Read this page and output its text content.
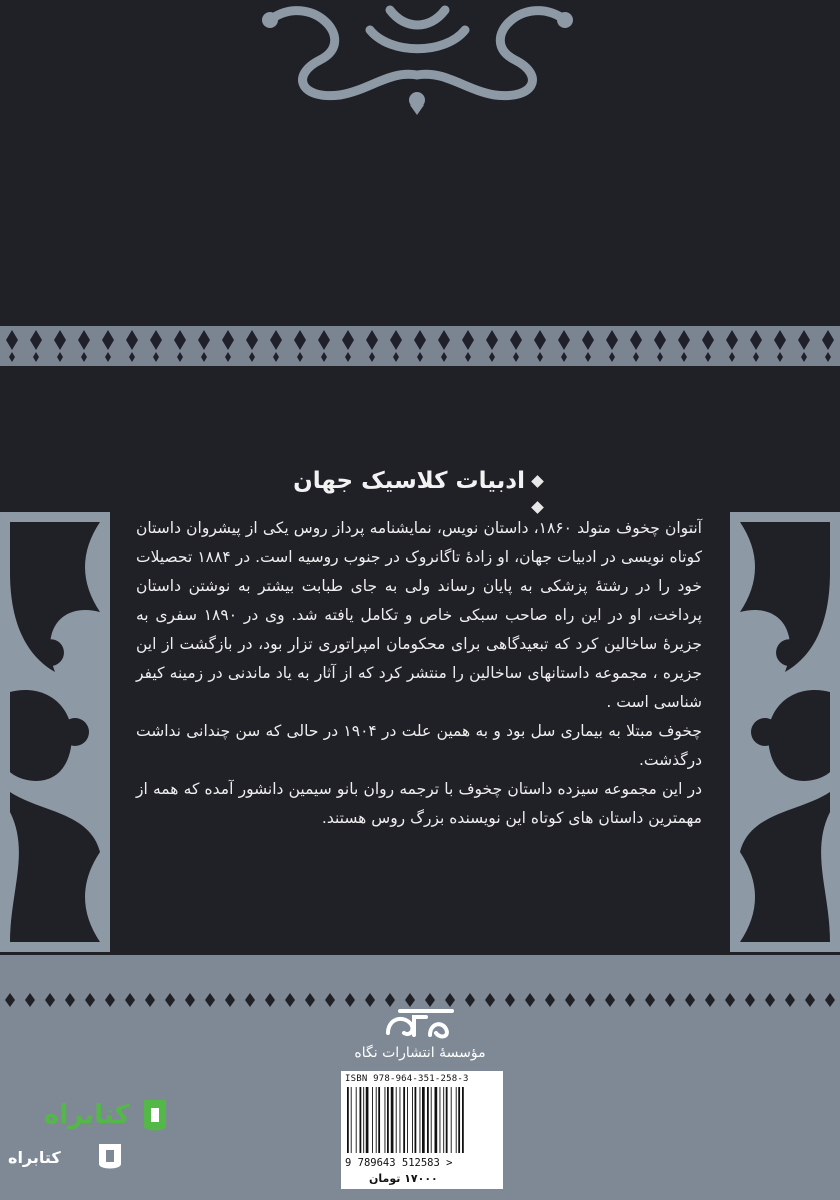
ادبیات کلاسیک جهان

آنتوان چخوف متولد ۱۸۶۰، داستان نویس، نمایشنامه پرداز روس یکی از پیشروان داستان کوتاه نویسی در ادبیات جهان، او زادهٔ تاگانروک در جنوب روسیه است. در ۱۸۸۴ تحصیلات خود را در رشتهٔ پزشکی به پایان رساند ولی به جای طبابت بیشتر به نوشتن داستان پرداخت، او در این راه صاحب سبکی خاص و تکامل یافته شد. وی در ۱۸۹۰ سفری به جزیرهٔ ساخالین کرد که تبعیدگاهی برای محکومان امپراتوری تزار بود، در بازگشت از این جزیره ، مجموعه داستانهای ساخالین را منتشر کرد که از آثار به یاد ماندنی در زمینه کیفر شناسی است .

چخوف مبتلا به بیماری سل بود و به همین علت در ۱۹۰۴ در حالی که سن چندانی نداشت درگذشت.

در این مجموعه سیزده داستان چخوف با ترجمه روان بانو سیمین دانشور آمده که همه از مهمترین داستان های کوتاه این نویسنده بزرگ روس هستند.

مؤسسهٔ انتشارات نگاه
ISBN 978-964-351-258-3
9 789643 512583 >
۱۷۰۰۰ تومان
کتابراه
کتابراه
